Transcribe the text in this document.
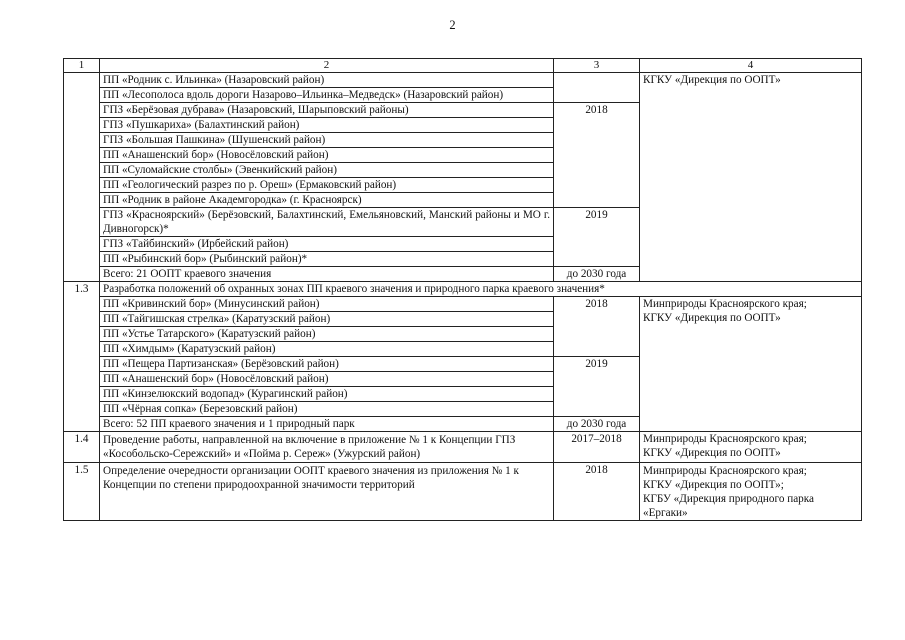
2
1	2	3	4
	ПП «Родник с. Ильинка» (Назаровский район)		КГКУ «Дирекция по ООПТ»
	ПП «Лесополоса вдоль дороги Назарово–Ильинка–Медведск» (Назаровский район)		
	ГПЗ «Берёзовая дубрава» (Назаровский, Шарыповский районы)	2018	
	ГПЗ «Пушкариха» (Балахтинский район)		
	ГПЗ «Большая Пашкина» (Шушенский район)		
	ПП «Анашенский бор» (Новосёловский район)		
	ПП «Суломайские столбы» (Эвенкийский район)		
	ПП «Геологический разрез по р. Ореш» (Ермаковский район)		
	ПП «Родник в районе Академгородка» (г. Красноярск)		
	ГПЗ «Красноярский» (Берёзовский, Балахтинский, Емельяновский, Манский районы и МО г. Дивногорск)*	2019	
	ГПЗ «Тайбинский» (Ирбейский район)		
	ПП «Рыбинский бор» (Рыбинский район)*		
	Всего: 21 ООПТ краевого значения	до 2030 года	
1.3	Разработка положений об охранных зонах ПП краевого значения и природного парка краевого значения*		
	ПП «Кривинский бор» (Минусинский район)	2018	Минприроды Красноярского края;
КГКУ «Дирекция по ООПТ»

	ПП «Тайгишская стрелка» (Каратузский район)		
	ПП «Устье Татарского» (Каратузский район)		
	ПП «Химдым» (Каратузский район)		
	ПП «Пещера Партизанская» (Берёзовский район)	2019	
	ПП «Анашенский бор» (Новосёловский район)		
	ПП «Кинзелюкский водопад» (Курагинский район)		
	ПП «Чёрная сопка» (Березовский район)		
	Всего: 52 ПП краевого значения и 1 природный парк	до 2030 года	
1.4	Проведение работы, направленной на включение в приложение № 1 к Концепции ГПЗ «Кособольско-Сережский» и «Пойма р. Сереж» (Ужурский район)	2017–2018	Минприроды Красноярского края;
КГКУ «Дирекция по ООПТ»

1.5	Определение очередности организации ООПТ краевого значения из приложения № 1 к Концепции по степени природоохранной значимости территорий	2018	Минприроды Красноярского края;
КГКУ «Дирекция по ООПТ»;
КГБУ «Дирекция природного парка «Ергаки»
